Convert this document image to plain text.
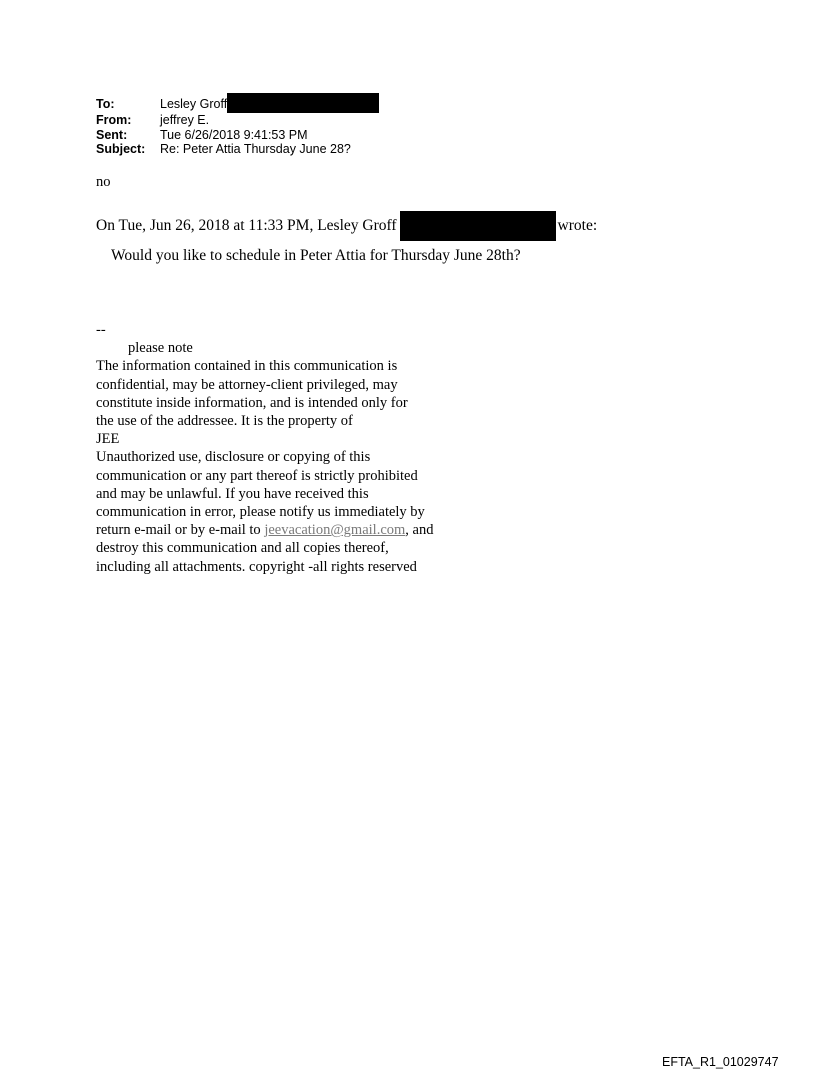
To:	Lesley Groff
From:	jeffrey E.
Sent:	Tue 6/26/2018 9:41:53 PM
Subject:	Re: Peter Attia Thursday June 28?
no
On Tue, Jun 26, 2018 at 11:33 PM, Lesley Groff	wrote:
Would you like to schedule in Peter Attia for Thursday June 28th?
--
please note
The information contained in this communication is
confidential, may be attorney-client privileged, may
constitute inside information, and is intended only for
the use of the addressee. It is the property of
JEE
Unauthorized use, disclosure or copying of this
communication or any part thereof is strictly prohibited
and may be unlawful. If you have received this
communication in error, please notify us immediately by
return e-mail or by e-mail to jeevacation@gmail.com, and
destroy this communication and all copies thereof,
including all attachments. copyright -all rights reserved
EFTA_R1_01029747
